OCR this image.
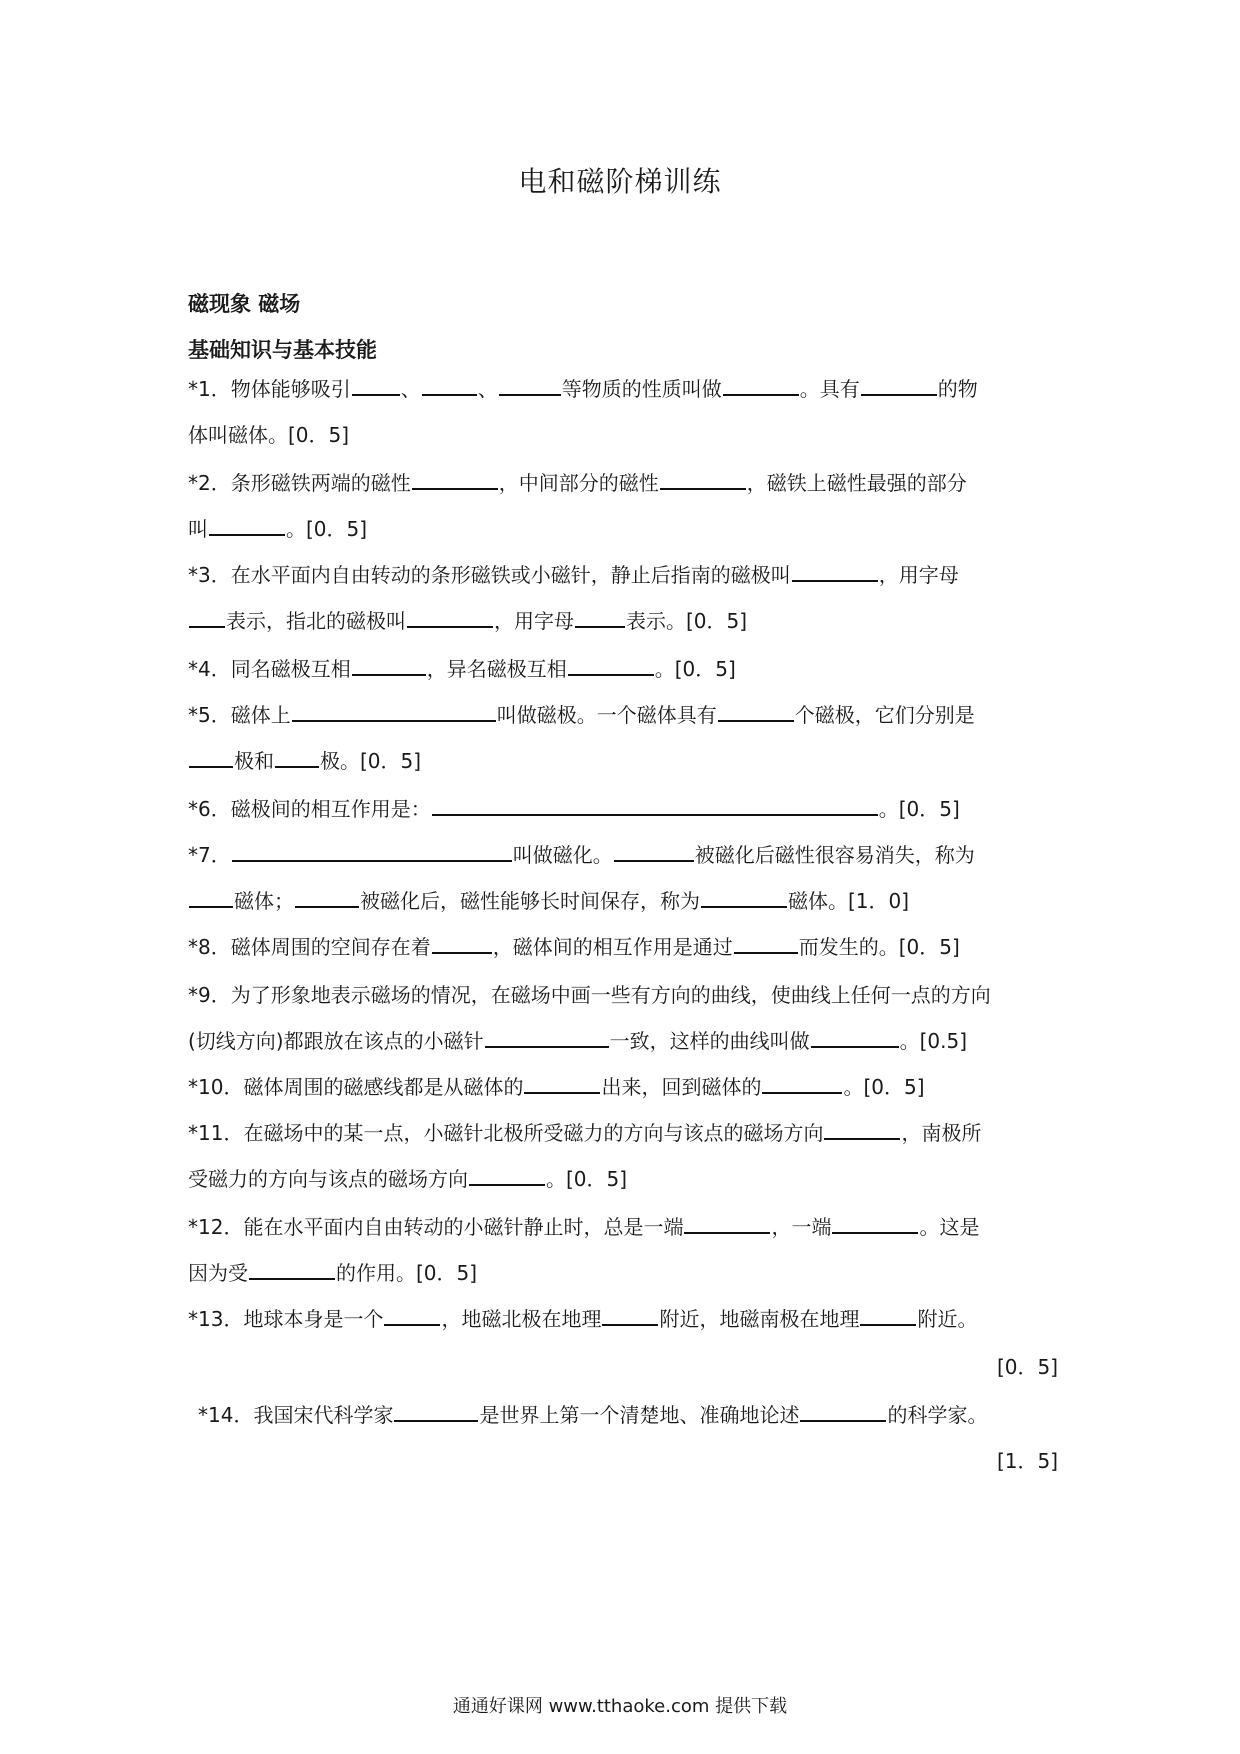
电和磁阶梯训练
磁现象 磁场
基础知识与基本技能
*1．物体能够吸引	、	、	等物质的性质叫做	。具有	的物
体叫磁体。[0．5]
*2．条形磁铁两端的磁性	，中间部分的磁性	，磁铁上磁性最强的部分
叫	。[0．5]
*3．在水平面内自由转动的条形磁铁或小磁针，静止后指南的磁极叫	，用字母
表示，指北的磁极叫	，用字母	表示。[0．5]
*4．同名磁极互相	，异名磁极互相	。[0．5]
*5．磁体上	叫做磁极。一个磁体具有	个磁极，它们分别是
极和 极。[0．5]
*6．磁极间的相互作用是：	。[0．5]
*7．	叫做磁化。	被磁化后磁性很容易消失，称为
磁体；	被磁化后，磁性能够长时间保存，称为	磁体。[1．0]
*8．磁体周围的空间存在着	，磁体间的相互作用是通过	而发生的。[0．5]
*9．为了形象地表示磁场的情况，在磁场中画一些有方向的曲线，使曲线上任何一点的方向
(切线方向)都跟放在该点的小磁针	一致，这样的曲线叫做	。[0.5]
*10．磁体周围的磁感线都是从磁体的	出来，回到磁体的	。[0．5]
*11．在磁场中的某一点，小磁针北极所受磁力的方向与该点的磁场方向	，南极所
受磁力的方向与该点的磁场方向	。[0．5]
*12．能在水平面内自由转动的小磁针静止时，总是一端	，一端	。这是
因为受	的作用。[0．5]
*13．地球本身是一个	，地磁北极在地理	附近，地磁南极在地理	附近。
[0．5]
*14．我国宋代科学家	是世界上第一个清楚地、准确地论述	的科学家。
[1．5]
通通好课网 www.tthaoke.com 提供下载
